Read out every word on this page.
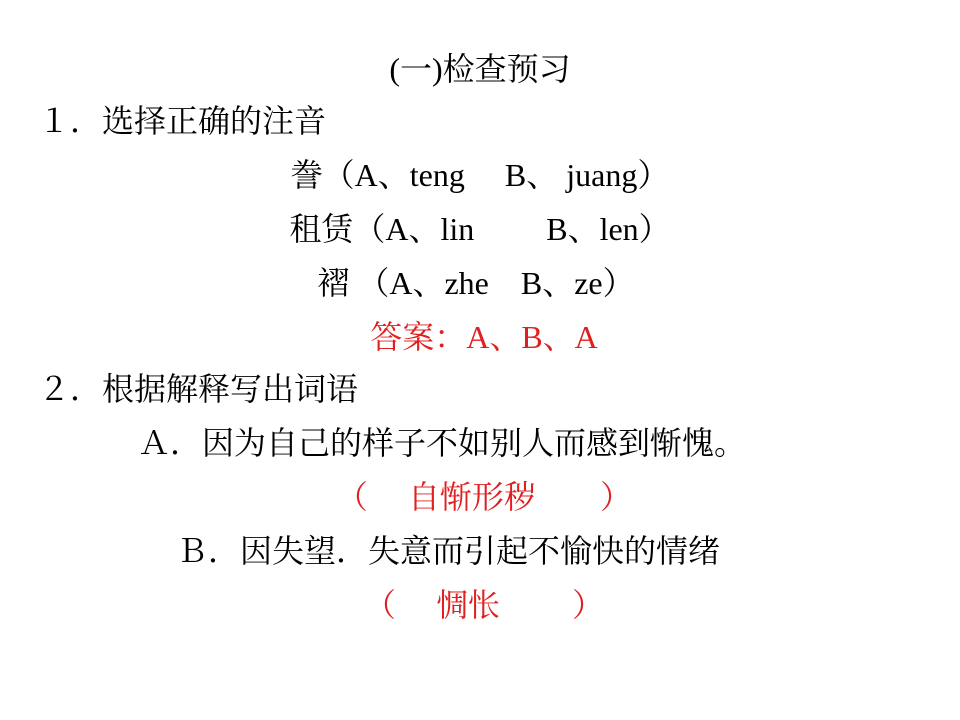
(一)检查预习
１．选择正确的注音
誊（A、teng　 B、 juang）
租赁（A、lin　　 B、len）
褶 （A、zhe　B、ze）
答案：A、B、A
２．根据解释写出词语
Ａ．因为自己的样子不如别人而感到惭愧。
（　 自惭形秽　　）
Ｂ．因失望．失意而引起不愉快的情绪
（　 惆怅　　 ）
